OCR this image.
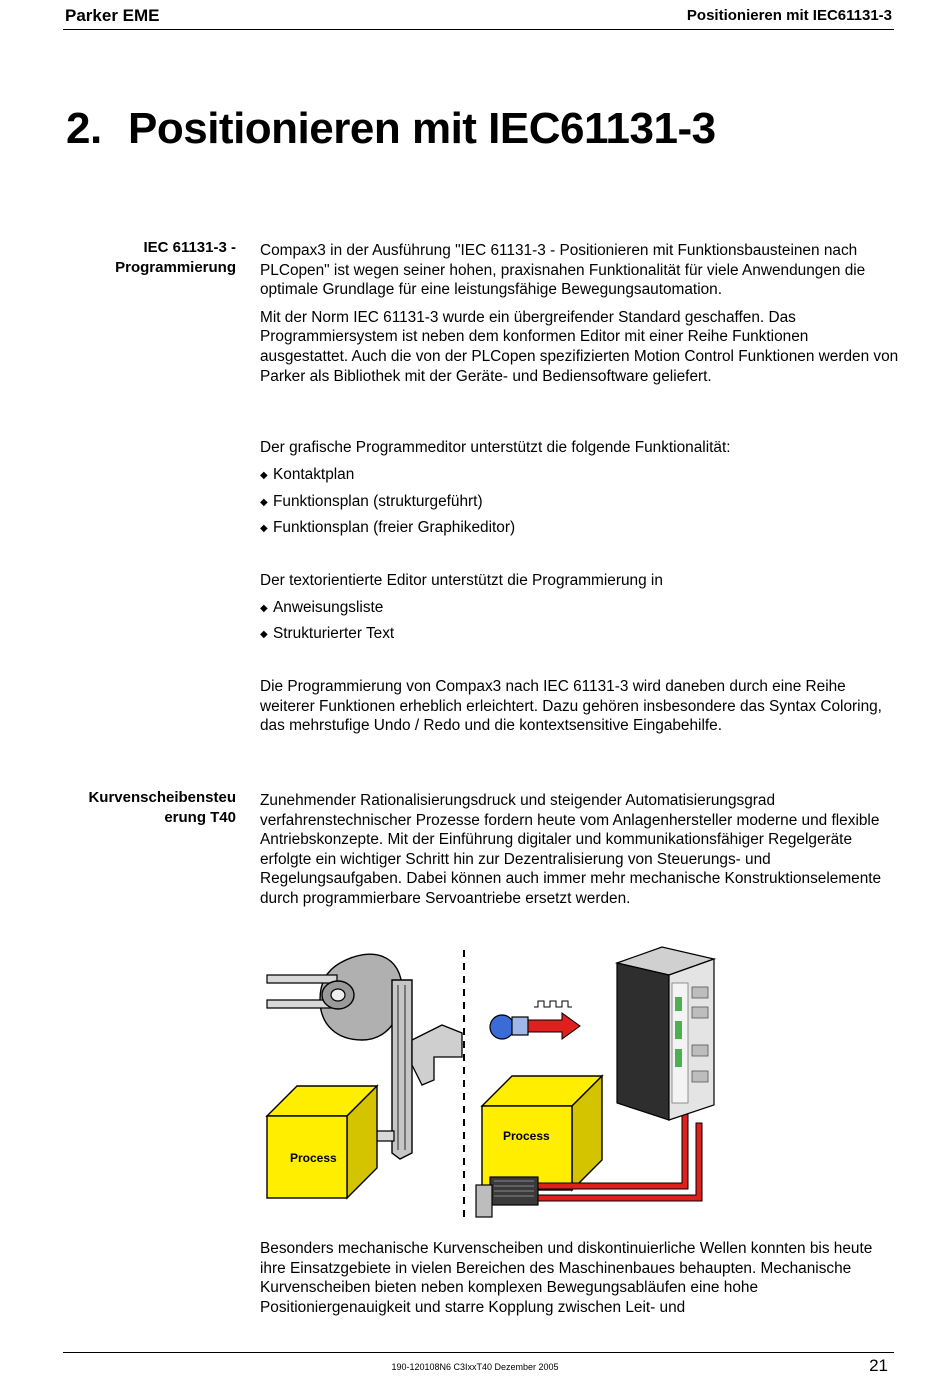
Parker EME	Positionieren mit IEC61131-3
2. Positionieren mit IEC61131-3
IEC 61131-3 -
Programmierung

Compax3 in der Ausführung "IEC 61131-3 - Positionieren mit Funktionsbausteinen nach PLCopen" ist wegen seiner hohen, praxisnahen Funktionalität für viele Anwendungen die optimale Grundlage für eine leistungsfähige Bewegungsautomation.

Mit der Norm IEC 61131-3 wurde ein übergreifender Standard geschaffen. Das Programmiersystem ist neben dem konformen Editor mit einer Reihe Funktionen ausgestattet. Auch die von der PLCopen spezifizierten Motion Control Funktionen werden von Parker als Bibliothek mit der Geräte- und Bediensoftware geliefert.

Der grafische Programmeditor unterstützt die folgende Funktionalität:
◆ Kontaktplan
◆ Funktionsplan (strukturgeführt)
◆ Funktionsplan (freier Graphikeditor)
Der textorientierte Editor unterstützt die Programmierung in
◆ Anweisungsliste
◆ Strukturierter Text

Die Programmierung von Compax3 nach IEC 61131-3 wird daneben durch eine Reihe weiterer Funktionen erheblich erleichtert. Dazu gehören insbesondere das Syntax Coloring, das mehrstufige Undo / Redo und die kontextsensitive Eingabehilfe.

Kurvenscheibensteu
erung T40

Zunehmender Rationalisierungsdruck und steigender Automatisierungsgrad verfahrenstechnischer Prozesse fordern heute vom Anlagenhersteller moderne und flexible Antriebskonzepte. Mit der Einführung digitaler und kommunikationsfähiger Regelgeräte erfolgte ein wichtiger Schritt hin zur Dezentralisierung von Steuerungs- und Regelungsaufgaben. Dabei können auch immer mehr mechanische Konstruktionselemente durch programmierbare Servoantriebe ersetzt werden.

Process
Process

Besonders mechanische Kurvenscheiben und diskontinuierliche Wellen konnten bis heute ihre Einsatzgebiete in vielen Bereichen des Maschinenbaues behaupten. Mechanische Kurvenscheiben bieten neben komplexen Bewegungsabläufen eine hohe Positioniergenauigkeit und starre Kopplung zwischen Leit- und

190-120108N6 C3IxxT40 Dezember 2005	21
